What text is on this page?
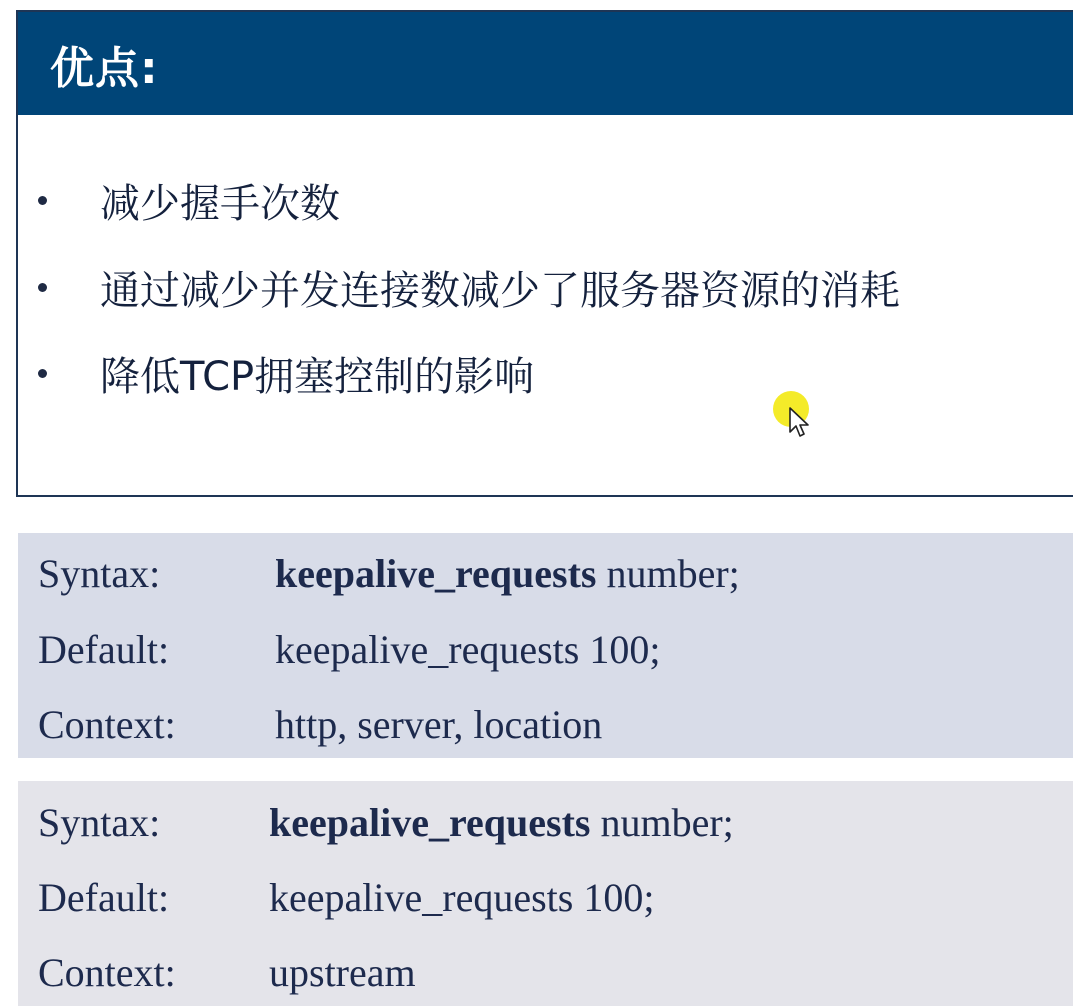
优点:
减少握手次数
通过减少并发连接数减少了服务器资源的消耗
降低TCP拥塞控制的影响
Syntax:	keepalive_requests number;
Default:	keepalive_requests 100;
Context: http, server, location
Syntax:	keepalive_requests number;
Default: keepalive_requests 100;
Context: upstream
